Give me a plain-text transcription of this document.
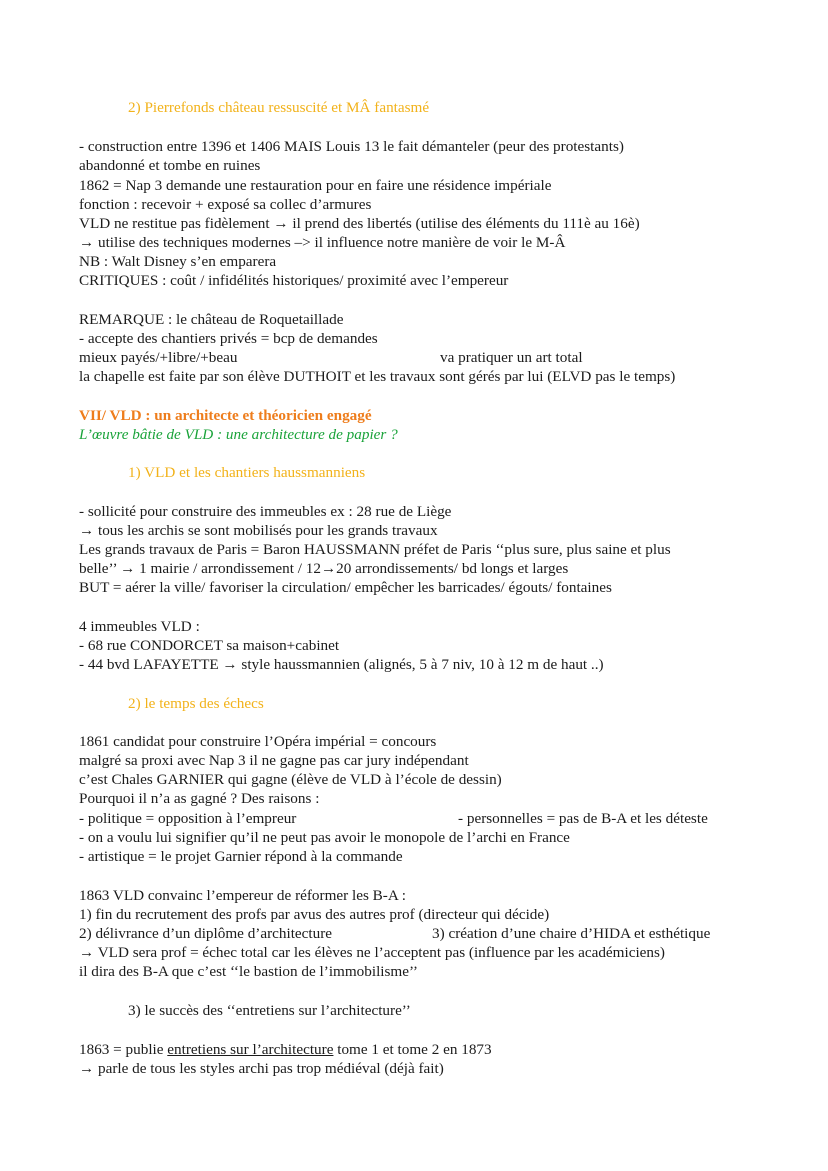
2) Pierrefonds château ressuscité et MÂ fantasmé

- construction entre 1396 et 1406 MAIS Louis 13 le fait démanteler (peur des protestants)

abandonné et tombe en ruines

1862 = Nap 3 demande une restauration pour en faire une résidence impériale

fonction : recevoir + exposé sa collec d’armures

VLD ne restitue pas fidèlement → il prend des libertés (utilise des éléments du 111è au 16è)

→ utilise des techniques modernes –> il influence notre manière de voir le M-Â

NB : Walt Disney s’en emparera

CRITIQUES : coût / infidélités historiques/ proximité avec l’empereur

REMARQUE : le château de Roquetaillade

- accepte des chantiers privés = bcp de demandes

mieux payés/+libre/+beau	va pratiquer un art total

la chapelle est faite par son élève DUTHOIT et les travaux sont gérés par lui (ELVD pas le temps)

VII/ VLD : un architecte et théoricien engagé

L’œuvre bâtie de VLD : une architecture de papier ?

1) VLD et les chantiers haussmanniens

- sollicité pour construire des immeubles ex : 28 rue de Liège

→ tous les archis se sont mobilisés pour les grands travaux

Les grands travaux de Paris = Baron HAUSSMANN préfet de Paris ‘‘plus sure, plus saine et plus

belle’’ → 1 mairie / arrondissement / 12→20 arrondissements/ bd longs et larges

BUT = aérer la ville/ favoriser la circulation/ empêcher les barricades/ égouts/ fontaines

4 immeubles VLD :

- 68 rue CONDORCET sa maison+cabinet

- 44 bvd LAFAYETTE → style haussmannien (alignés, 5 à 7 niv, 10 à 12 m de haut ..)

2) le temps des échecs

1861 candidat pour construire l’Opéra impérial = concours

malgré sa proxi avec Nap 3 il ne gagne pas car jury indépendant

c’est Chales GARNIER qui gagne (élève de VLD à l’école de dessin)

Pourquoi il n’a as gagné ? Des raisons :

- politique = opposition à l’empreur	- personnelles = pas de B-A et les déteste

- on a voulu lui signifier qu’il ne peut pas avoir le monopole de l’archi en France

- artistique = le projet Garnier répond à la commande

1863 VLD convainc l’empereur de réformer les B-A :

1) fin du recrutement des profs par avus des autres prof (directeur qui décide)

2) délivrance d’un diplôme d’architecture	3) création d’une chaire d’HIDA et esthétique

→ VLD sera prof = échec total car les élèves ne l’acceptent pas (influence par les académiciens)

il dira des B-A que c’est ‘‘le bastion de l’immobilisme’’

3) le succès des ‘‘entretiens sur l’architecture’’

1863 = publie entretiens sur l’architecture tome 1 et tome 2 en 1873

→ parle de tous les styles archi pas trop médiéval (déjà fait)
